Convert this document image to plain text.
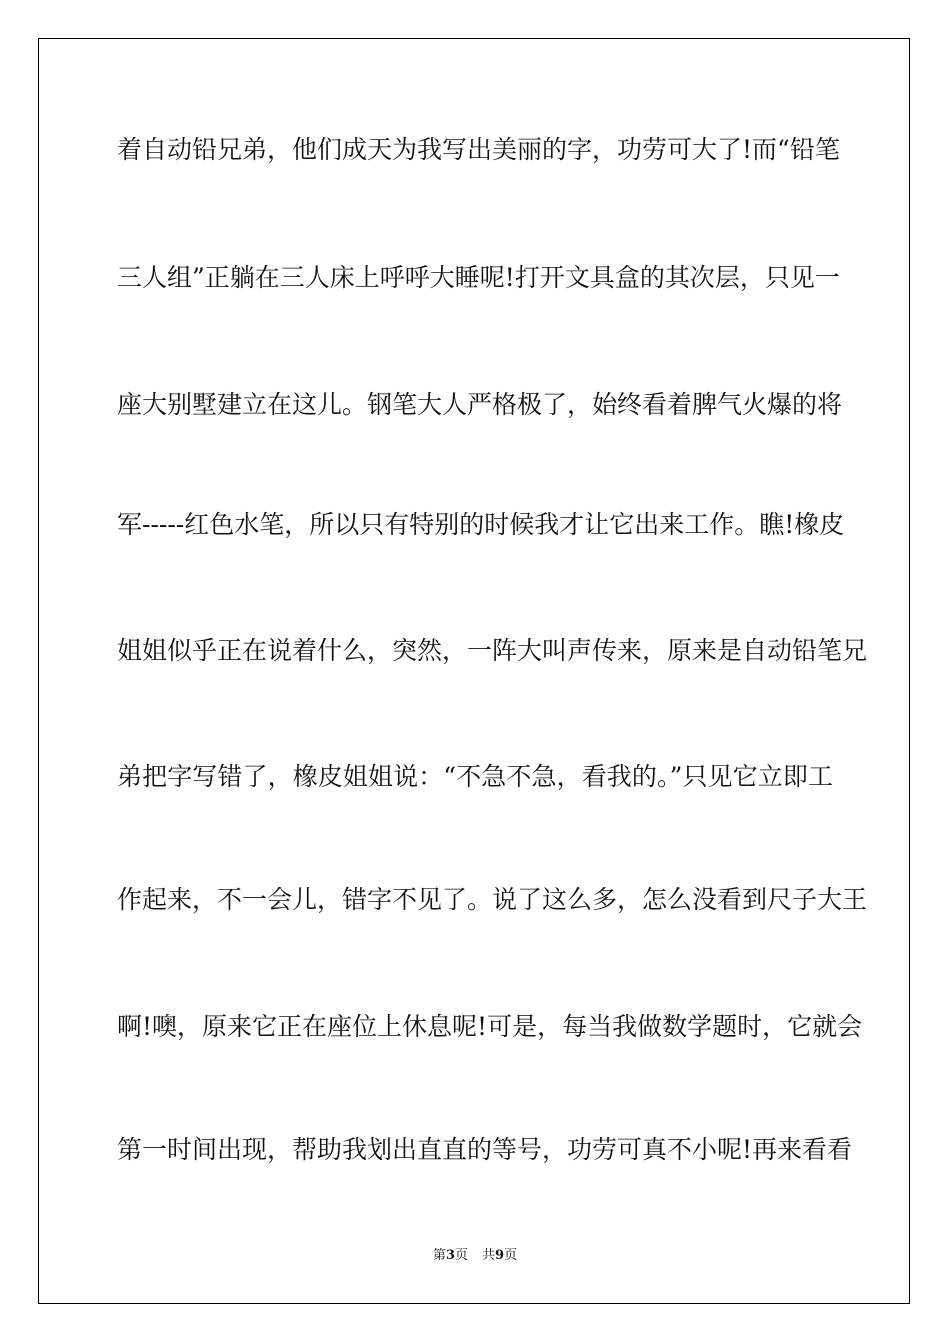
着自动铅兄弟，他们成天为我写出美丽的字，功劳可大了!而“铅笔
三人组”正躺在三人床上呼呼大睡呢!打开文具盒的其次层，只见一
座大别墅建立在这儿。钢笔大人严格极了，始终看着脾气火爆的将
军-----红色水笔，所以只有特别的时候我才让它出来工作。瞧!橡皮
姐姐似乎正在说着什么，突然，一阵大叫声传来，原来是自动铅笔兄
弟把字写错了，橡皮姐姐说：“不急不急，看我的。”只见它立即工
作起来，不一会儿，错字不见了。说了这么多，怎么没看到尺子大王
啊!噢，原来它正在座位上休息呢!可是，每当我做数学题时，它就会
第一时间出现，帮助我划出直直的等号，功劳可真不小呢!再来看看
第3页 共9页
